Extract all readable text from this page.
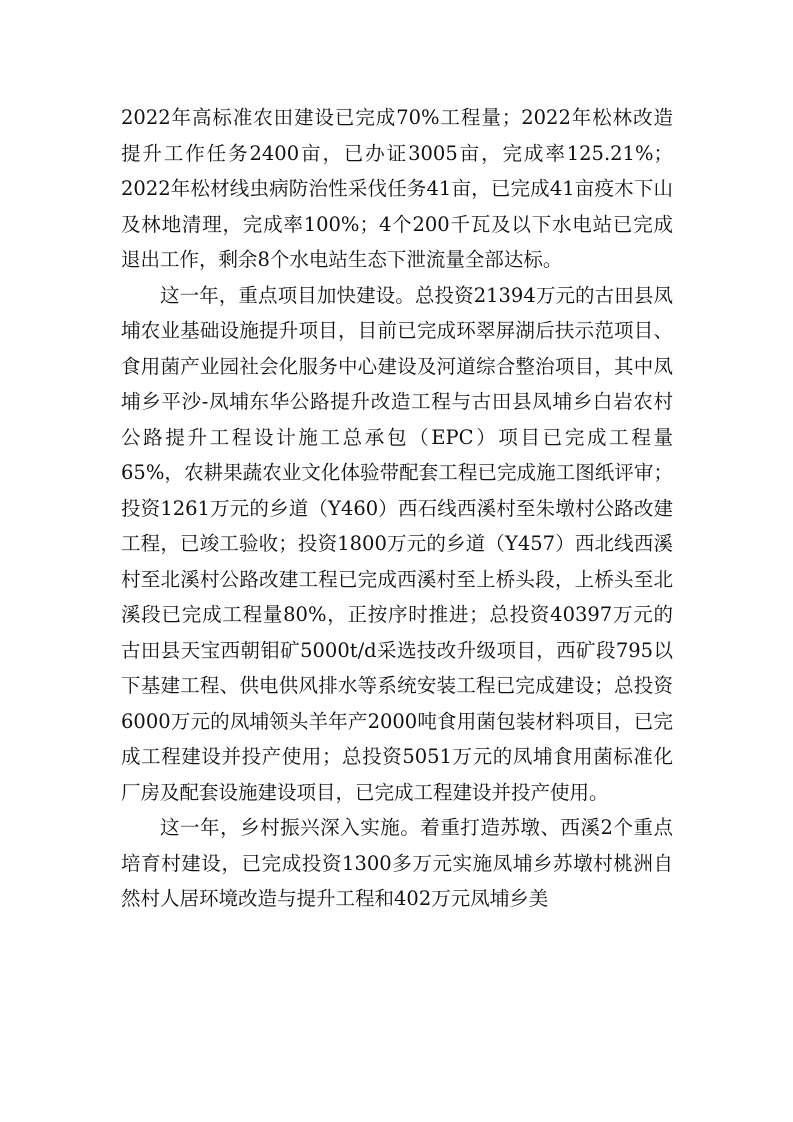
2022年高标准农田建设已完成70%工程量；2022年松林改造提升工作任务2400亩，已办证3005亩，完成率125.21%；2022年松材线虫病防治性采伐任务41亩，已完成41亩疫木下山及林地清理，完成率100%；4个200千瓦及以下水电站已完成退出工作，剩余8个水电站生态下泄流量全部达标。

这一年，重点项目加快建设。总投资21394万元的古田县凤埔农业基础设施提升项目，目前已完成环翠屏湖后扶示范项目、食用菌产业园社会化服务中心建设及河道综合整治项目，其中凤埔乡平沙-凤埔东华公路提升改造工程与古田县凤埔乡白岩农村公路提升工程设计施工总承包（EPC）项目已完成工程量65%，农耕果蔬农业文化体验带配套工程已完成施工图纸评审；投资1261万元的乡道（Y460）西石线西溪村至朱墩村公路改建工程，已竣工验收；投资1800万元的乡道（Y457）西北线西溪村至北溪村公路改建工程已完成西溪村至上桥头段，上桥头至北溪段已完成工程量80%，正按序时推进；总投资40397万元的古田县天宝西朝钼矿5000t/d采选技改升级项目，西矿段795以下基建工程、供电供风排水等系统安装工程已完成建设；总投资6000万元的凤埔领头羊年产2000吨食用菌包装材料项目，已完成工程建设并投产使用；总投资5051万元的凤埔食用菌标准化厂房及配套设施建设项目，已完成工程建设并投产使用。

这一年，乡村振兴深入实施。着重打造苏墩、西溪2个重点培育村建设，已完成投资1300多万元实施凤埔乡苏墩村桃洲自然村人居环境改造与提升工程和402万元凤埔乡美
